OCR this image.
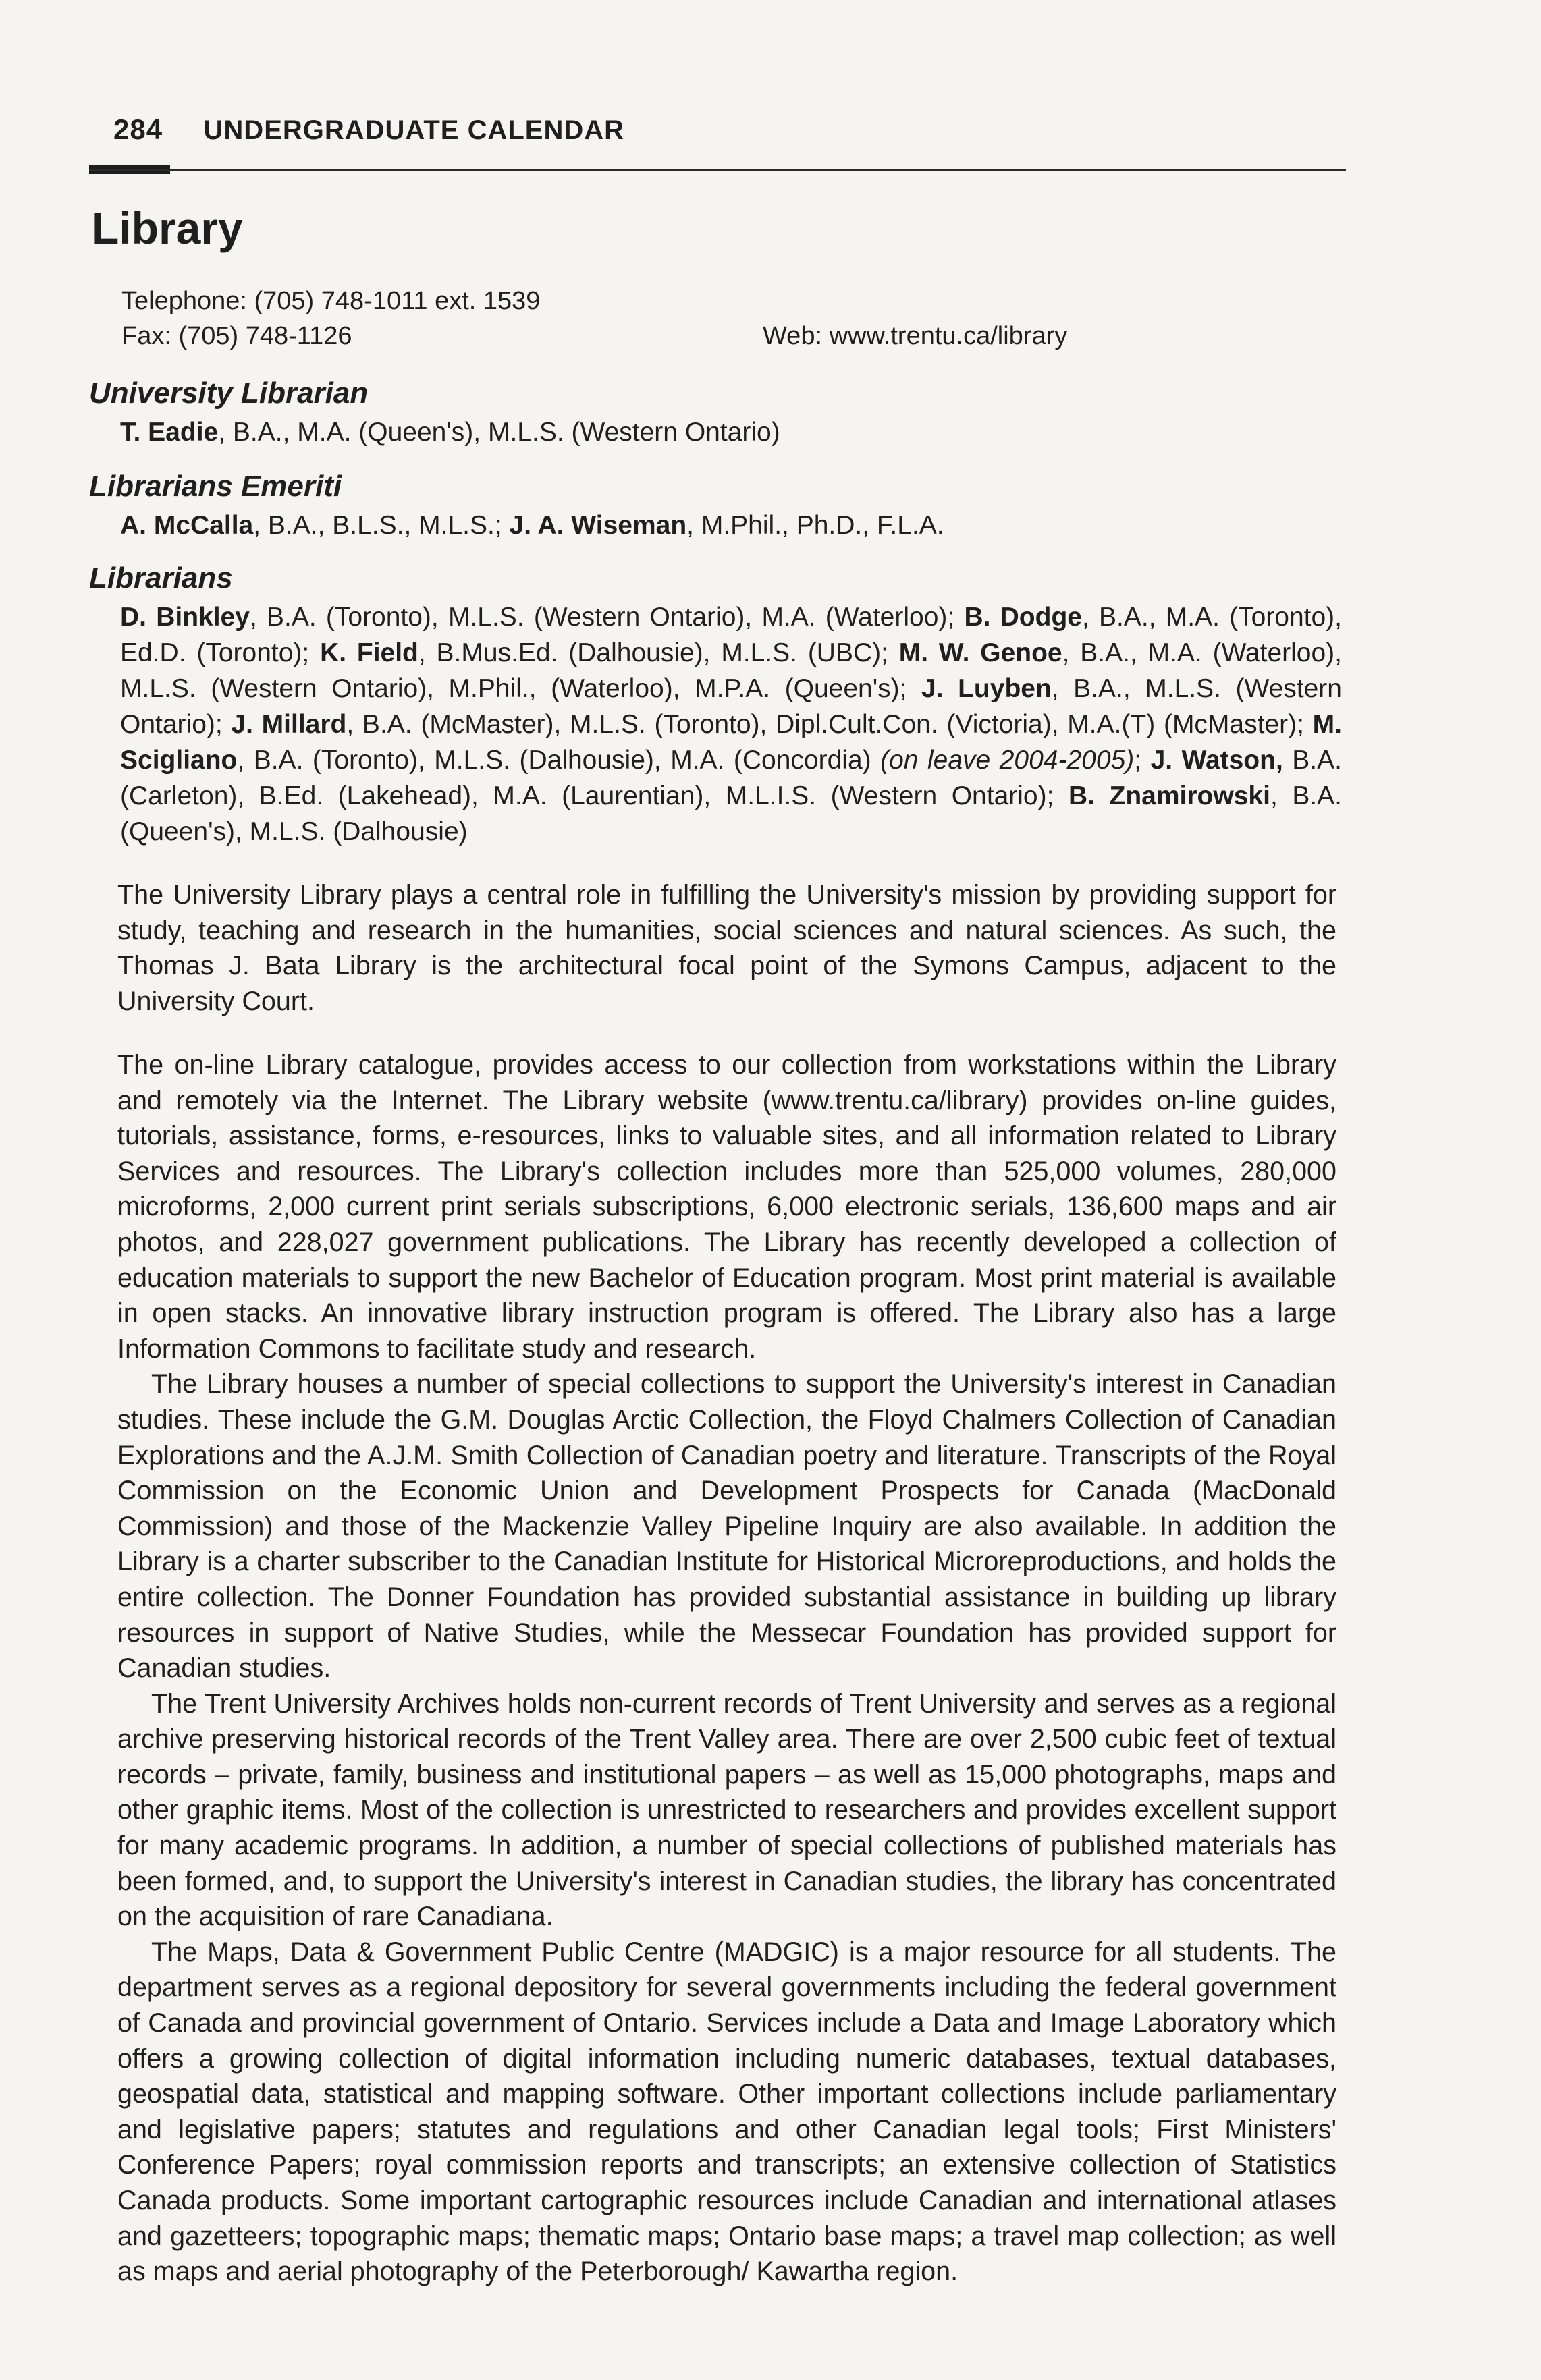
284 UNDERGRADUATE CALENDAR
Library
Telephone: (705) 748-1011 ext. 1539
Fax: (705) 748-1126	Web: www.trentu.ca/library
University Librarian
T. Eadie, B.A., M.A. (Queen's), M.L.S. (Western Ontario)
Librarians Emeriti
A. McCalla, B.A., B.L.S., M.L.S.; J. A. Wiseman, M.Phil., Ph.D., F.L.A.
Librarians
D. Binkley, B.A. (Toronto), M.L.S. (Western Ontario), M.A. (Waterloo); B. Dodge, B.A., M.A. (Toronto), Ed.D. (Toronto); K. Field, B.Mus.Ed. (Dalhousie), M.L.S. (UBC); M. W. Genoe, B.A., M.A. (Waterloo), M.L.S. (Western Ontario), M.Phil., (Waterloo), M.P.A. (Queen's); J. Luyben, B.A., M.L.S. (Western Ontario); J. Millard, B.A. (McMaster), M.L.S. (Toronto), Dipl.Cult.Con. (Victoria), M.A.(T) (McMaster); M. Scigliano, B.A. (Toronto), M.L.S. (Dalhousie), M.A. (Concordia) (on leave 2004-2005); J. Watson, B.A. (Carleton), B.Ed. (Lakehead), M.A. (Laurentian), M.L.I.S. (Western Ontario); B. Znamirowski, B.A. (Queen's), M.L.S. (Dalhousie)

The University Library plays a central role in fulfilling the University's mission by providing support for study, teaching and research in the humanities, social sciences and natural sciences. As such, the Thomas J. Bata Library is the architectural focal point of the Symons Campus, adjacent to the University Court.

The on-line Library catalogue, provides access to our collection from workstations within the Library and remotely via the Internet. The Library website (www.trentu.ca/library) provides on-line guides, tutorials, assistance, forms, e-resources, links to valuable sites, and all information related to Library Services and resources. The Library's collection includes more than 525,000 volumes, 280,000 microforms, 2,000 current print serials subscriptions, 6,000 electronic serials, 136,600 maps and air photos, and 228,027 government publications. The Library has recently developed a collection of education materials to support the new Bachelor of Education program. Most print material is available in open stacks. An innovative library instruction program is offered. The Library also has a large Information Commons to facilitate study and research.

The Library houses a number of special collections to support the University's interest in Canadian studies. These include the G.M. Douglas Arctic Collection, the Floyd Chalmers Collection of Canadian Explorations and the A.J.M. Smith Collection of Canadian poetry and literature. Transcripts of the Royal Commission on the Economic Union and Development Prospects for Canada (MacDonald Commission) and those of the Mackenzie Valley Pipeline Inquiry are also available. In addition the Library is a charter subscriber to the Canadian Institute for Historical Microreproductions, and holds the entire collection. The Donner Foundation has provided substantial assistance in building up library resources in support of Native Studies, while the Messecar Foundation has provided support for Canadian studies.

The Trent University Archives holds non-current records of Trent University and serves as a regional archive preserving historical records of the Trent Valley area. There are over 2,500 cubic feet of textual records – private, family, business and institutional papers – as well as 15,000 photographs, maps and other graphic items. Most of the collection is unrestricted to researchers and provides excellent support for many academic programs. In addition, a number of special collections of published materials has been formed, and, to support the University's interest in Canadian studies, the library has concentrated on the acquisition of rare Canadiana.

The Maps, Data & Government Public Centre (MADGIC) is a major resource for all students. The department serves as a regional depository for several governments including the federal government of Canada and provincial government of Ontario. Services include a Data and Image Laboratory which offers a growing collection of digital information including numeric databases, textual databases, geospatial data, statistical and mapping software. Other important collections include parliamentary and legislative papers; statutes and regulations and other Canadian legal tools; First Ministers' Conference Papers; royal commission reports and transcripts; an extensive collection of Statistics Canada products. Some important cartographic resources include Canadian and international atlases and gazetteers; topographic maps; thematic maps; Ontario base maps; a travel map collection; as well as maps and aerial photography of the Peterborough/ Kawartha region.
